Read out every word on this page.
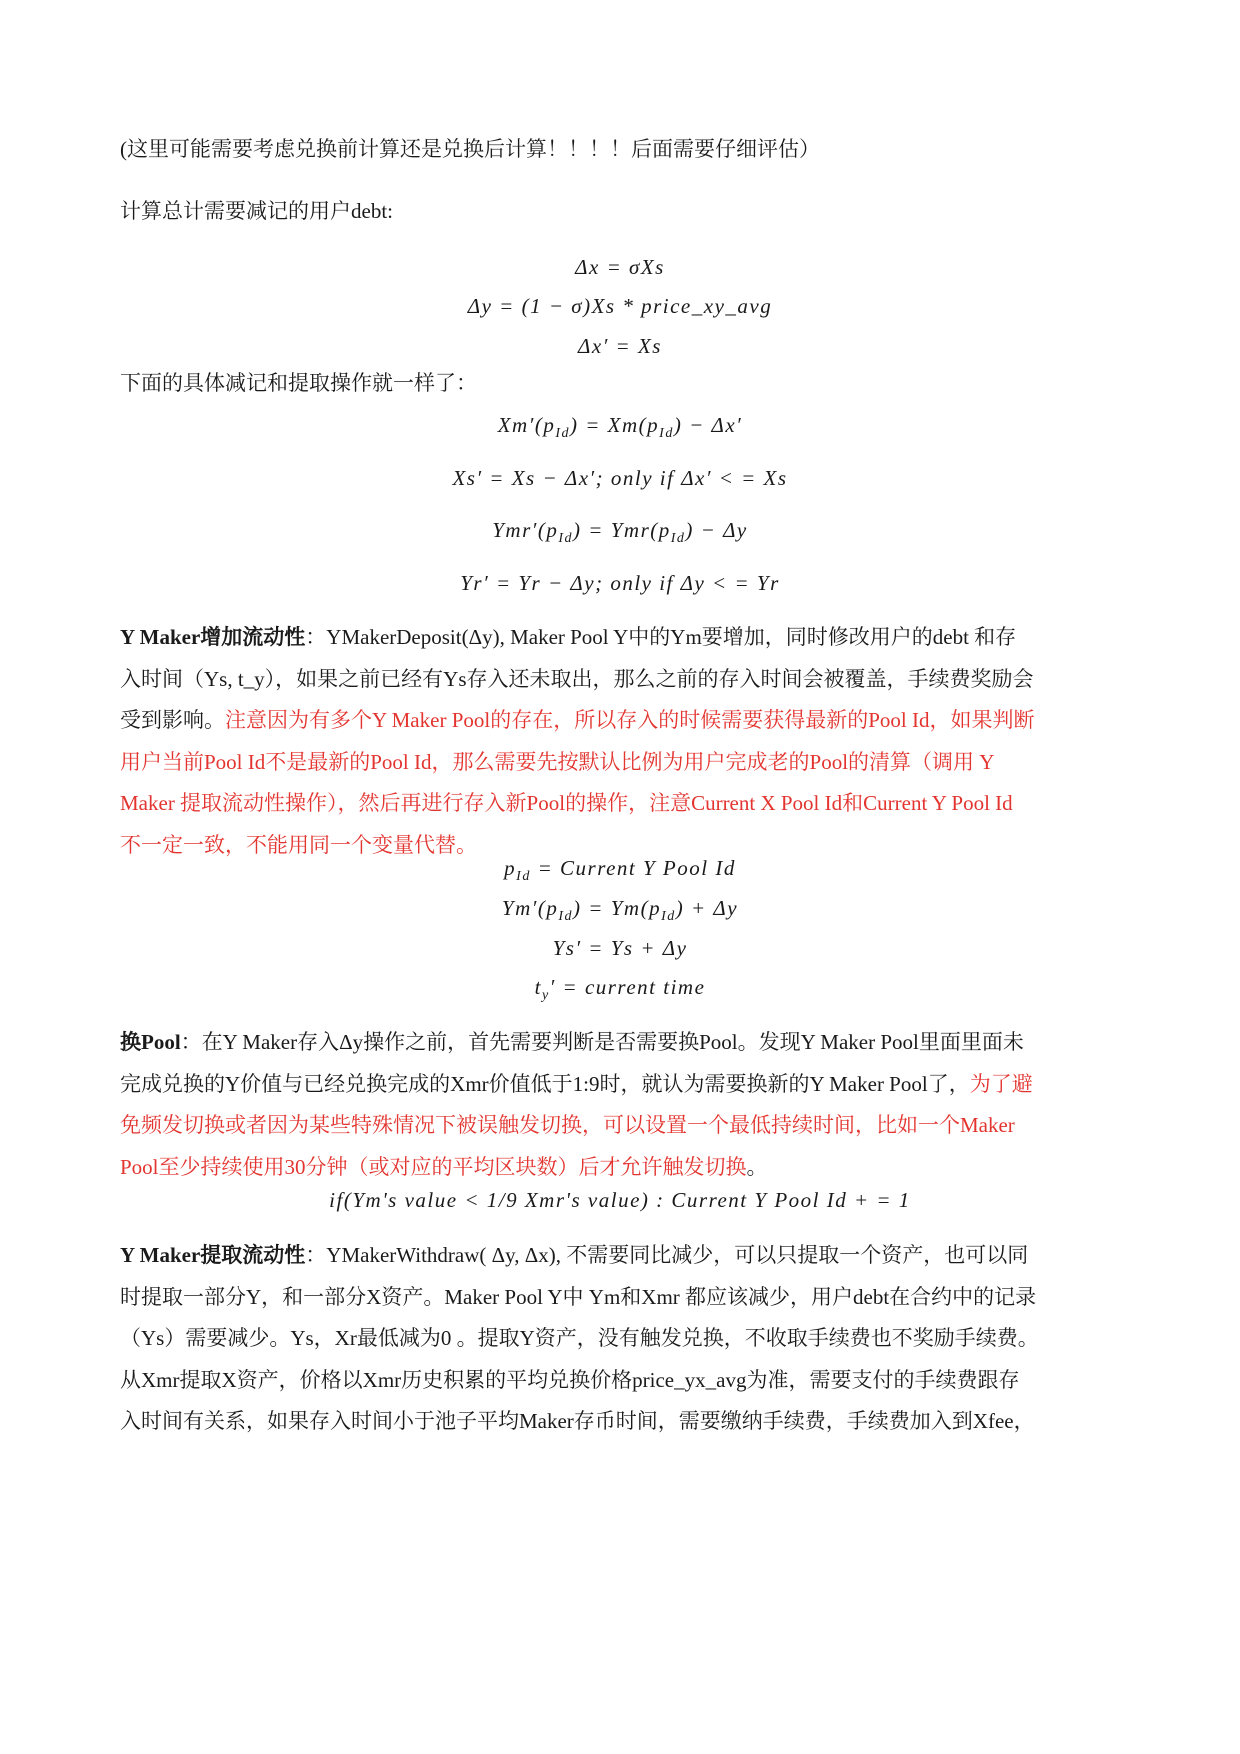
(这里可能需要考虑兑换前计算还是兑换后计算！！！！后面需要仔细评估）
计算总计需要减记的用户debt:
Δx = σXs
Δy = (1 − σ)Xs * price_xy_avg
Δx′ = Xs
下面的具体减记和提取操作就一样了：
$Xm'(p_{Id}) = Xm(p_{Id}) - \Delta x'$
Xs′ = Xs − Δx′; only if Δx′ < = Xs
$Ymr'(p_{Id}) = Ymr(p_{Id}) - \Delta y$
Yr′ = Yr − Δy; only if Δy < = Yr
Y Maker增加流动性：YMakerDeposit(Δy), Maker Pool Y中的Ym要增加，同时修改用户的debt 和存
入时间（Ys, t_y），如果之前已经有Ys存入还未取出，那么之前的存入时间会被覆盖，手续费奖励会
受到影响。注意因为有多个Y Maker Pool的存在，所以存入的时候需要获得最新的Pool Id，如果判断
用户当前Pool Id不是最新的Pool Id，那么需要先按默认比例为用户完成老的Pool的清算（调用 Y
Maker 提取流动性操作），然后再进行存入新Pool的操作，注意Current X Pool Id和Current Y Pool Id
不一定一致，不能用同一个变量代替。
$p_{Id}$ = Current Y Pool Id
$Ym'(p_{Id}) = Ym(p_{Id}) + \Delta y$
Ys′ = Ys + Δy
$t_y'$ = current time
换Pool：在Y Maker存入Δy操作之前，首先需要判断是否需要换Pool。发现Y Maker Pool里面里面未
完成兑换的Y价值与已经兑换完成的Xmr价值低于1:9时，就认为需要换新的Y Maker Pool了，为了避
免频发切换或者因为某些特殊情况下被误触发切换，可以设置一个最低持续时间，比如一个Maker
Pool至少持续使用30分钟（或对应的平均区块数）后才允许触发切换。
if(Ym's value < 1/9 Xmr's value) : Current Y Pool Id + = 1
Y Maker提取流动性：YMakerWithdraw( Δy, Δx), 不需要同比减少，可以只提取一个资产，也可以同
时提取一部分Y，和一部分X资产。Maker Pool Y中 Ym和Xmr 都应该减少，用户debt在合约中的记录
（Ys）需要减少。Ys，Xr最低减为0 。提取Y资产，没有触发兑换，不收取手续费也不奖励手续费。
从Xmr提取X资产，价格以Xmr历史积累的平均兑换价格price_yx_avg为准，需要支付的手续费跟存
入时间有关系，如果存入时间小于池子平均Maker存币时间，需要缴纳手续费，手续费加入到Xfee，
